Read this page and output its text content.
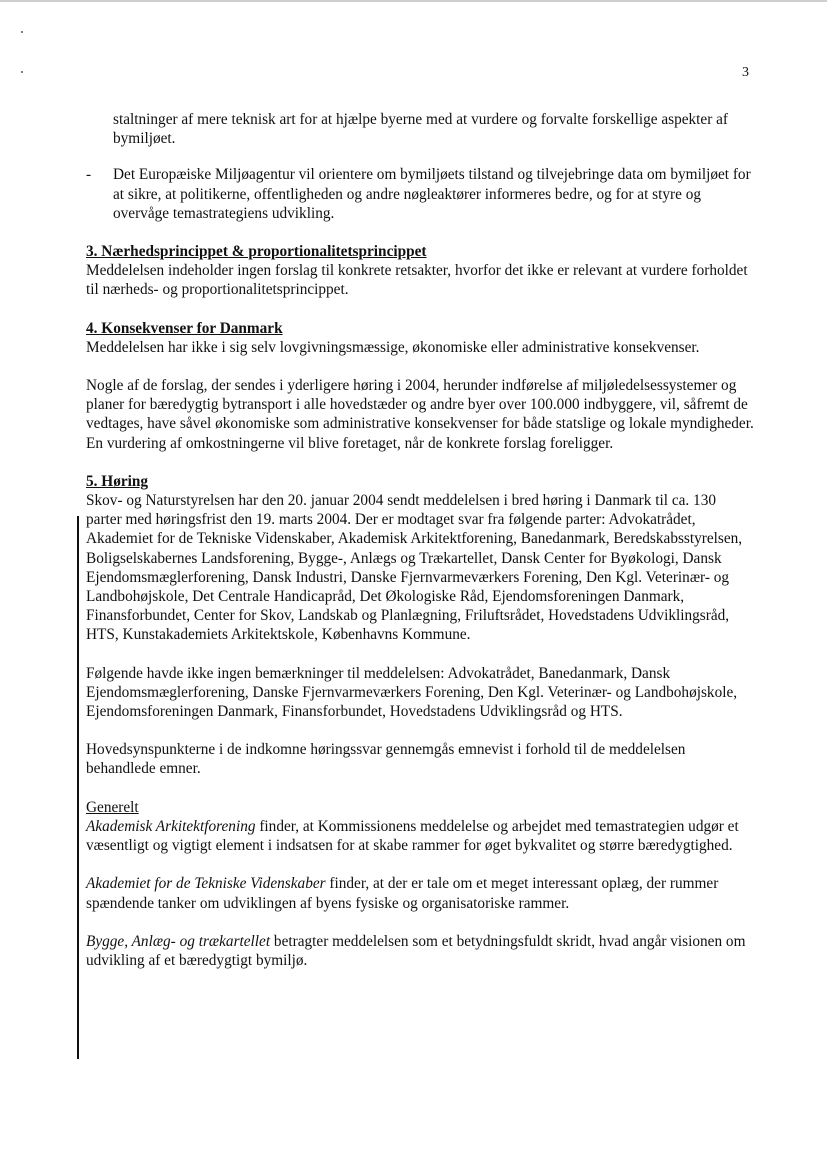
3

staltninger af mere teknisk art for at hjælpe byerne med at vurdere og forvalte forskellige aspekter af bymiljøet.

- Det Europæiske Miljøagentur vil orientere om bymiljøets tilstand og tilvejebringe data om bymiljøet for at sikre, at politikerne, offentligheden og andre nøgleaktører informeres bedre, og for at styre og overvåge temastrategiens udvikling.

3. Nærhedsprincippet & proportionalitetsprincippet

Meddelelsen indeholder ingen forslag til konkrete retsakter, hvorfor det ikke er relevant at vurdere forholdet til nærheds- og proportionalitetsprincippet.

4. Konsekvenser for Danmark

Meddelelsen har ikke i sig selv lovgivningsmæssige, økonomiske eller administrative konsekvenser.

Nogle af de forslag, der sendes i yderligere høring i 2004, herunder indførelse af miljøledelsessystemer og planer for bæredygtig bytransport i alle hovedstæder og andre byer over 100.000 indbyggere, vil, såfremt de vedtages, have såvel økonomiske som administrative konsekvenser for både statslige og lokale myndigheder. En vurdering af omkostningerne vil blive foretaget, når de konkrete forslag foreligger.

5. Høring

Skov- og Naturstyrelsen har den 20. januar 2004 sendt meddelelsen i bred høring i Danmark til ca. 130 parter med høringsfrist den 19. marts 2004. Der er modtaget svar fra følgende parter: Advokatrådet, Akademiet for de Tekniske Videnskaber, Akademisk Arkitektforening, Banedanmark, Beredskabsstyrelsen, Boligselskabernes Landsforening, Bygge-, Anlægs og Trækartellet, Dansk Center for Byøkologi, Dansk Ejendomsmæglerforening, Dansk Industri, Danske Fjernvarmeværkers Forening, Den Kgl. Veterinær- og Landbohøjskole, Det Centrale Handicapråd, Det Økologiske Råd, Ejendomsforeningen Danmark, Finansforbundet, Center for Skov, Landskab og Planlægning, Friluftsrådet, Hovedstadens Udviklingsråd, HTS, Kunstakademiets Arkitektskole, Københavns Kommune.

Følgende havde ikke ingen bemærkninger til meddelelsen: Advokatrådet, Banedanmark, Dansk Ejendomsmæglerforening, Danske Fjernvarmeværkers Forening, Den Kgl. Veterinær- og Landbohøjskole, Ejendomsforeningen Danmark, Finansforbundet, Hovedstadens Udviklingsråd og HTS.

Hovedsynspunkterne i de indkomne høringssvar gennemgås emnevist i forhold til de meddelelsen behandlede emner.

Generelt

Akademisk Arkitektforening finder, at Kommissionens meddelelse og arbejdet med temastrategien udgør et væsentligt og vigtigt element i indsatsen for at skabe rammer for øget bykvalitet og større bæredygtighed.

Akademiet for de Tekniske Videnskaber finder, at der er tale om et meget interessant oplæg, der rummer spændende tanker om udviklingen af byens fysiske og organisatoriske rammer.

Bygge, Anlæg- og trækartellet betragter meddelelsen som et betydningsfuldt skridt, hvad angår visionen om udvikling af et bæredygtigt bymiljø.
